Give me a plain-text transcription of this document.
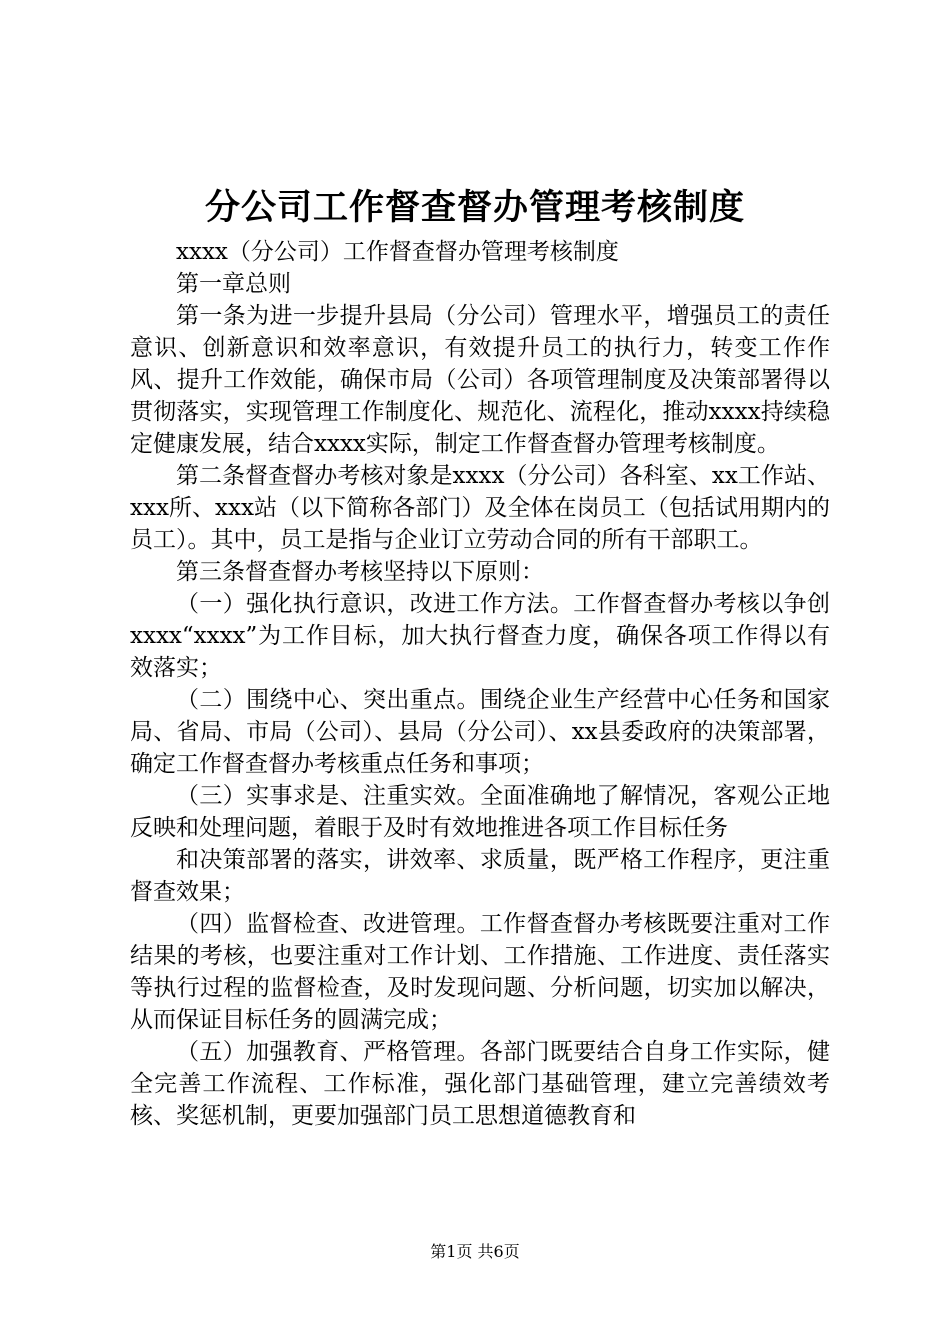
分公司工作督查督办管理考核制度

xxxx（分公司）工作督查督办管理考核制度

第一章总则

第一条为进一步提升县局（分公司）管理水平，增强员工的责任意识、创新意识和效率意识，有效提升员工的执行力，转变工作作风、提升工作效能，确保市局（公司）各项管理制度及决策部署得以贯彻落实，实现管理工作制度化、规范化、流程化，推动xxxx持续稳定健康发展，结合xxxx实际，制定工作督查督办管理考核制度。

第二条督查督办考核对象是xxxx（分公司）各科室、xx工作站、xxx所、xxx站（以下简称各部门）及全体在岗员工（包括试用期内的员工）。其中，员工是指与企业订立劳动合同的所有干部职工。

第三条督查督办考核坚持以下原则：

（一）强化执行意识，改进工作方法。工作督查督办考核以争创xxxx“xxxx”为工作目标，加大执行督查力度，确保各项工作得以有效落实；

（二）围绕中心、突出重点。围绕企业生产经营中心任务和国家局、省局、市局（公司）、县局（分公司）、xx县委政府的决策部署，确定工作督查督办考核重点任务和事项；

（三）实事求是、注重实效。全面准确地了解情况，客观公正地反映和处理问题，着眼于及时有效地推进各项工作目标任务

和决策部署的落实，讲效率、求质量，既严格工作程序，更注重督查效果；

（四）监督检查、改进管理。工作督查督办考核既要注重对工作结果的考核，也要注重对工作计划、工作措施、工作进度、责任落实等执行过程的监督检查，及时发现问题、分析问题，切实加以解决，从而保证目标任务的圆满完成；

（五）加强教育、严格管理。各部门既要结合自身工作实际，健全完善工作流程、工作标准，强化部门基础管理，建立完善绩效考核、奖惩机制，更要加强部门员工思想道德教育和

第1页 共6页
